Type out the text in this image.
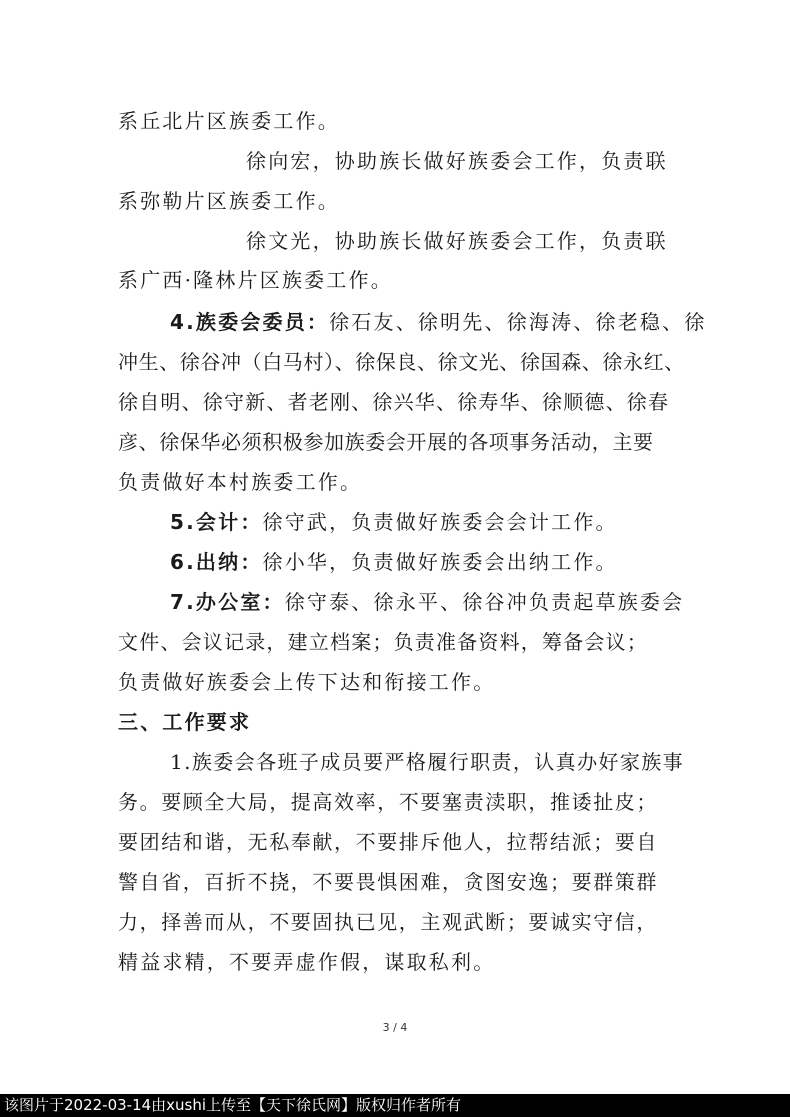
系丘北片区族委工作。
徐向宏，协助族长做好族委会工作，负责联
系弥勒片区族委工作。
徐文光，协助族长做好族委会工作，负责联
系广西·隆林片区族委工作。
4.族委会委员：徐石友、徐明先、徐海涛、徐老稳、徐
冲生、徐谷冲（白马村）、徐保良、徐文光、徐国森、徐永红、
徐自明、徐守新、者老刚、徐兴华、徐寿华、徐顺德、徐春
彦、徐保华必须积极参加族委会开展的各项事务活动，主要
负责做好本村族委工作。
5.会计：徐守武，负责做好族委会会计工作。
6.出纳：徐小华，负责做好族委会出纳工作。
7.办公室：徐守泰、徐永平、徐谷冲负责起草族委会
文件、会议记录，建立档案；负责准备资料，筹备会议；
负责做好族委会上传下达和衔接工作。
三、工作要求
1.族委会各班子成员要严格履行职责，认真办好家族事
务。要顾全大局，提高效率，不要塞责渎职，推诿扯皮；
要团结和谐，无私奉献，不要排斥他人，拉帮结派；要自
警自省，百折不挠，不要畏惧困难，贪图安逸；要群策群
力，择善而从，不要固执已见，主观武断；要诚实守信，
精益求精，不要弄虚作假，谋取私利。
3 / 4
该图片于2022-03-14由xushi上传至【天下徐氏网】版权归作者所有
